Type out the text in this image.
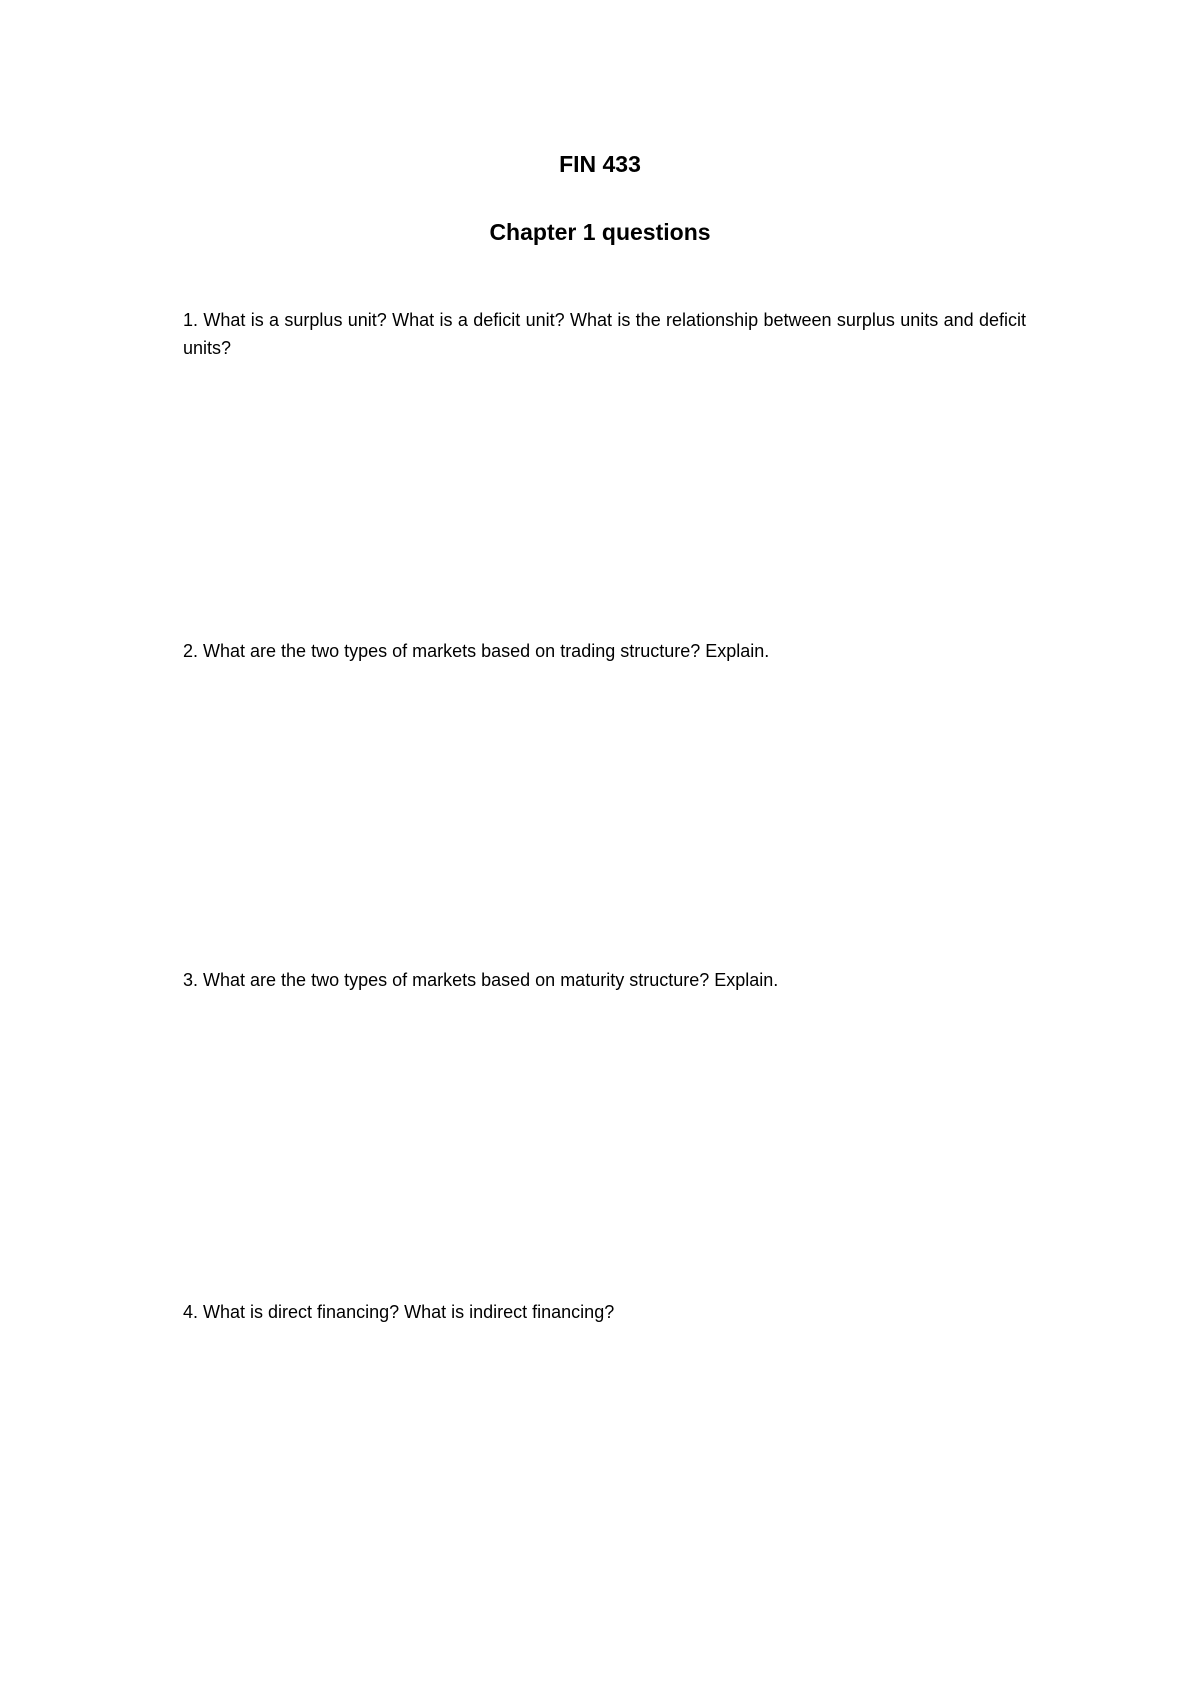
FIN 433
Chapter 1 questions
1. What is a surplus unit? What is a deficit unit? What is the relationship between surplus units and deficit units?
2. What are the two types of markets based on trading structure? Explain.
3. What are the two types of markets based on maturity structure? Explain.
4. What is direct financing? What is indirect financing?
